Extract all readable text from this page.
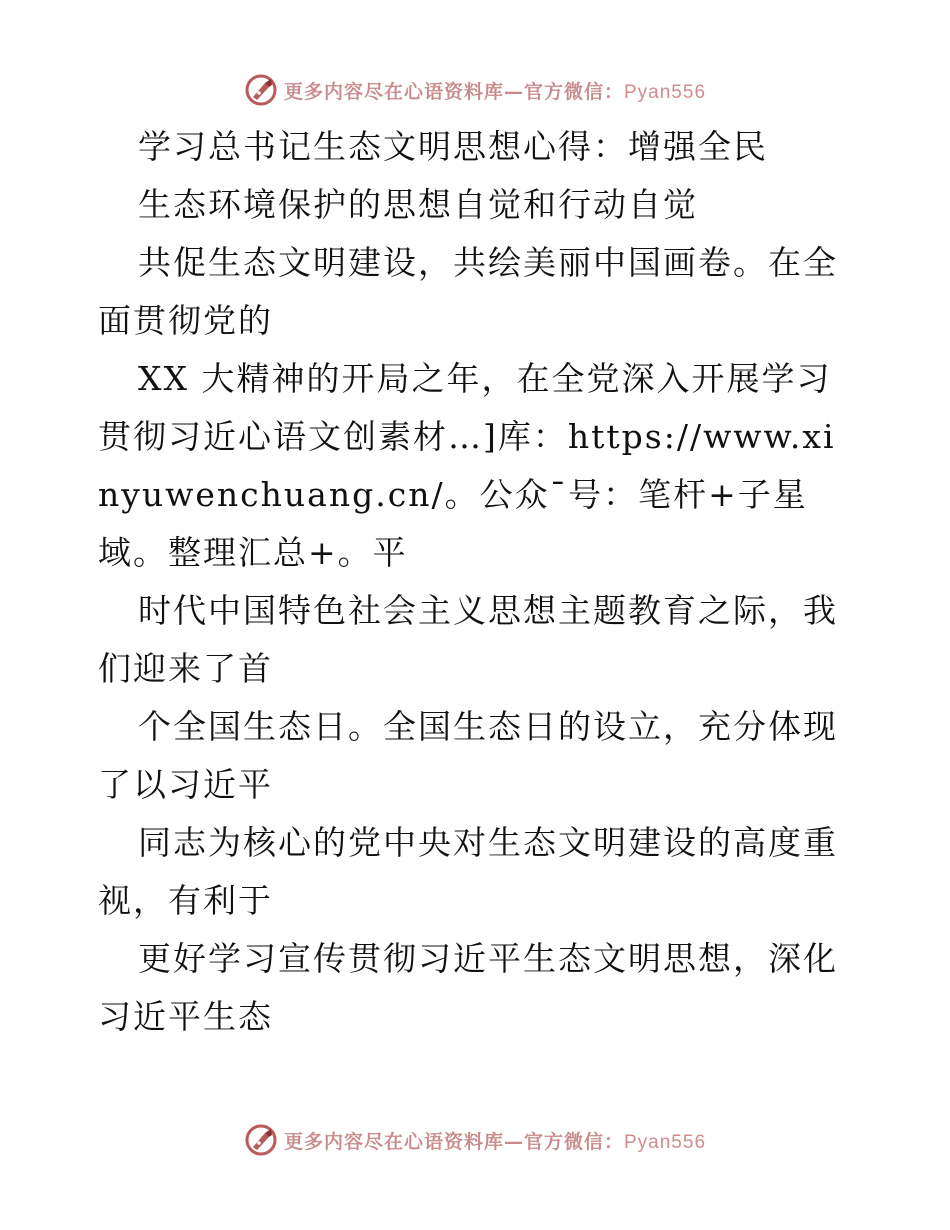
更多内容尽在心语资料库—官方微信：Pyan556

学习总书记生态文明思想心得：增强全民

生态环境保护的思想自觉和行动自觉

共促生态文明建设，共绘美丽中国画卷。在全面贯彻党的

XX 大精神的开局之年，在全党深入开展学习贯彻习近心语文创素材…]库：https://www.xinyuwenchuang.cn/。公众¯号：笔杆+子星域。整理汇总+。平

时代中国特色社会主义思想主题教育之际，我们迎来了首

个全国生态日。全国生态日的设立，充分体现了以习近平

同志为核心的党中央对生态文明建设的高度重视，有利于

更好学习宣传贯彻习近平生态文明思想，深化习近平生态

更多内容尽在心语资料库—官方微信：Pyan556
